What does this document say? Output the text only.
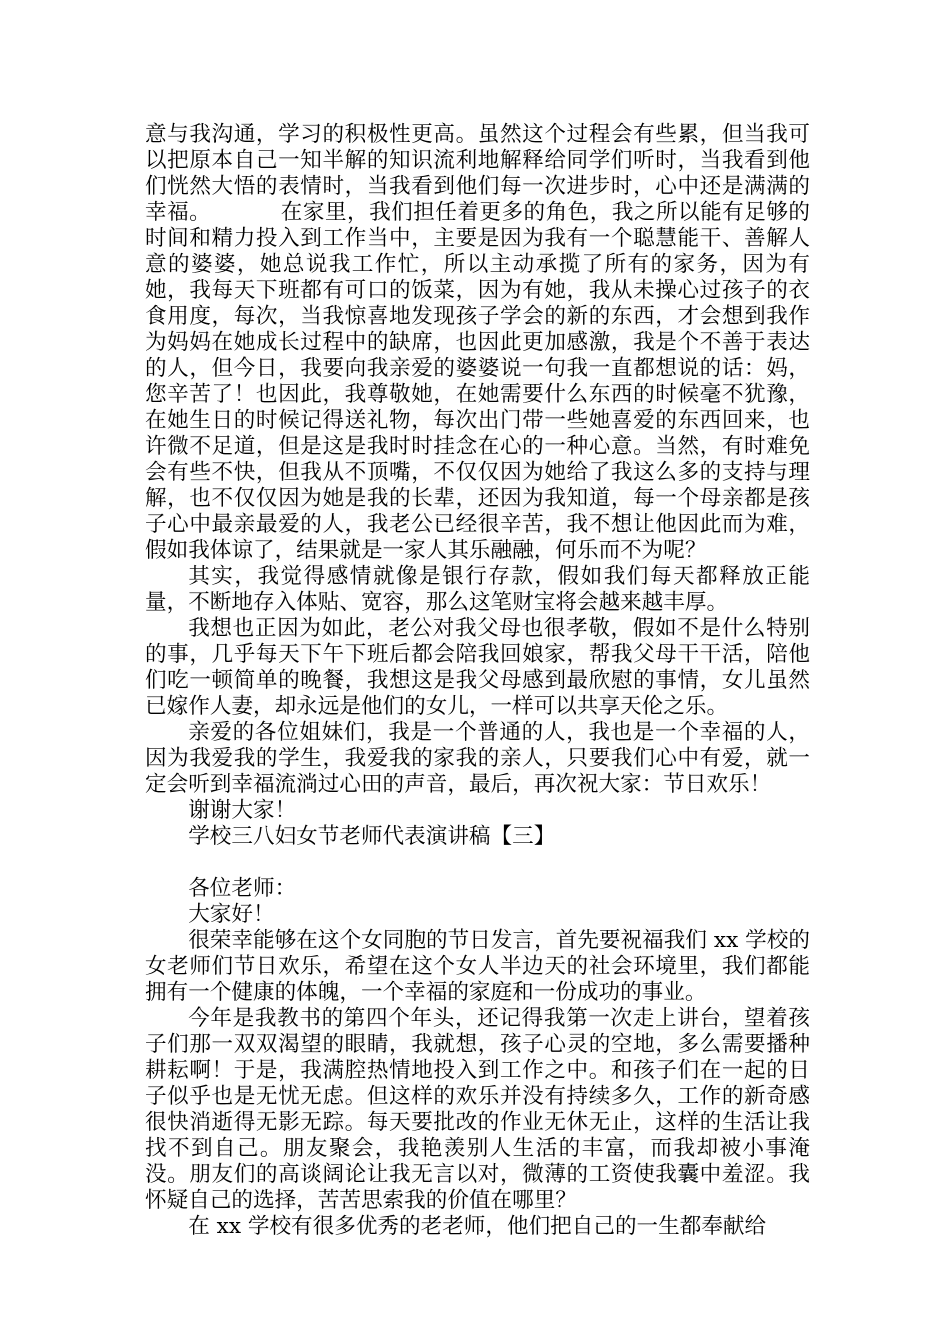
意与我沟通，学习的积极性更高。虽然这个过程会有些累，但当我可以把原本自己一知半解的知识流利地解释给同学们听时，当我看到他们恍然大悟的表情时，当我看到他们每一次进步时，心中还是满满的幸福。	在家里，我们担任着更多的角色，我之所以能有足够的时间和精力投入到工作当中，主要是因为我有一个聪慧能干、善解人意的婆婆，她总说我工作忙，所以主动承揽了所有的家务，因为有她，我每天下班都有可口的饭菜，因为有她，我从未操心过孩子的衣食用度，每次，当我惊喜地发现孩子学会的新的东西，才会想到我作为妈妈在她成长过程中的缺席，也因此更加感激，我是个不善于表达的人，但今日，我要向我亲爱的婆婆说一句我一直都想说的话：妈，您辛苦了！也因此，我尊敬她，在她需要什么东西的时候毫不犹豫，在她生日的时候记得送礼物，每次出门带一些她喜爱的东西回来，也许微不足道，但是这是我时时挂念在心的一种心意。当然，有时难免会有些不快，但我从不顶嘴，不仅仅因为她给了我这么多的支持与理解，也不仅仅因为她是我的长辈，还因为我知道，每一个母亲都是孩子心中最亲最爱的人，我老公已经很辛苦，我不想让他因此而为难，假如我体谅了，结果就是一家人其乐融融，何乐而不为呢？

其实，我觉得感情就像是银行存款，假如我们每天都释放正能量，不断地存入体贴、宽容，那么这笔财宝将会越来越丰厚。

我想也正因为如此，老公对我父母也很孝敬，假如不是什么特别的事，几乎每天下午下班后都会陪我回娘家，帮我父母干干活，陪他们吃一顿简单的晚餐，我想这是我父母感到最欣慰的事情，女儿虽然已嫁作人妻，却永远是他们的女儿，一样可以共享天伦之乐。

亲爱的各位姐妹们，我是一个普通的人，我也是一个幸福的人，因为我爱我的学生，我爱我的家我的亲人，只要我们心中有爱，就一定会听到幸福流淌过心田的声音，最后，再次祝大家：节日欢乐！

谢谢大家！

学校三八妇女节老师代表演讲稿【三】

各位老师：

大家好！

很荣幸能够在这个女同胞的节日发言，首先要祝福我们 xx 学校的女老师们节日欢乐，希望在这个女人半边天的社会环境里，我们都能拥有一个健康的体魄，一个幸福的家庭和一份成功的事业。

今年是我教书的第四个年头，还记得我第一次走上讲台，望着孩子们那一双双渴望的眼睛，我就想，孩子心灵的空地，多么需要播种耕耘啊！于是，我满腔热情地投入到工作之中。和孩子们在一起的日子似乎也是无忧无虑。但这样的欢乐并没有持续多久，工作的新奇感很快消逝得无影无踪。每天要批改的作业无休无止，这样的生活让我找不到自己。朋友聚会，我艳羡别人生活的丰富，而我却被小事淹没。朋友们的高谈阔论让我无言以对，微薄的工资使我囊中羞涩。我怀疑自己的选择，苦苦思索我的价值在哪里？

在 xx 学校有很多优秀的老老师，他们把自己的一生都奉献给
